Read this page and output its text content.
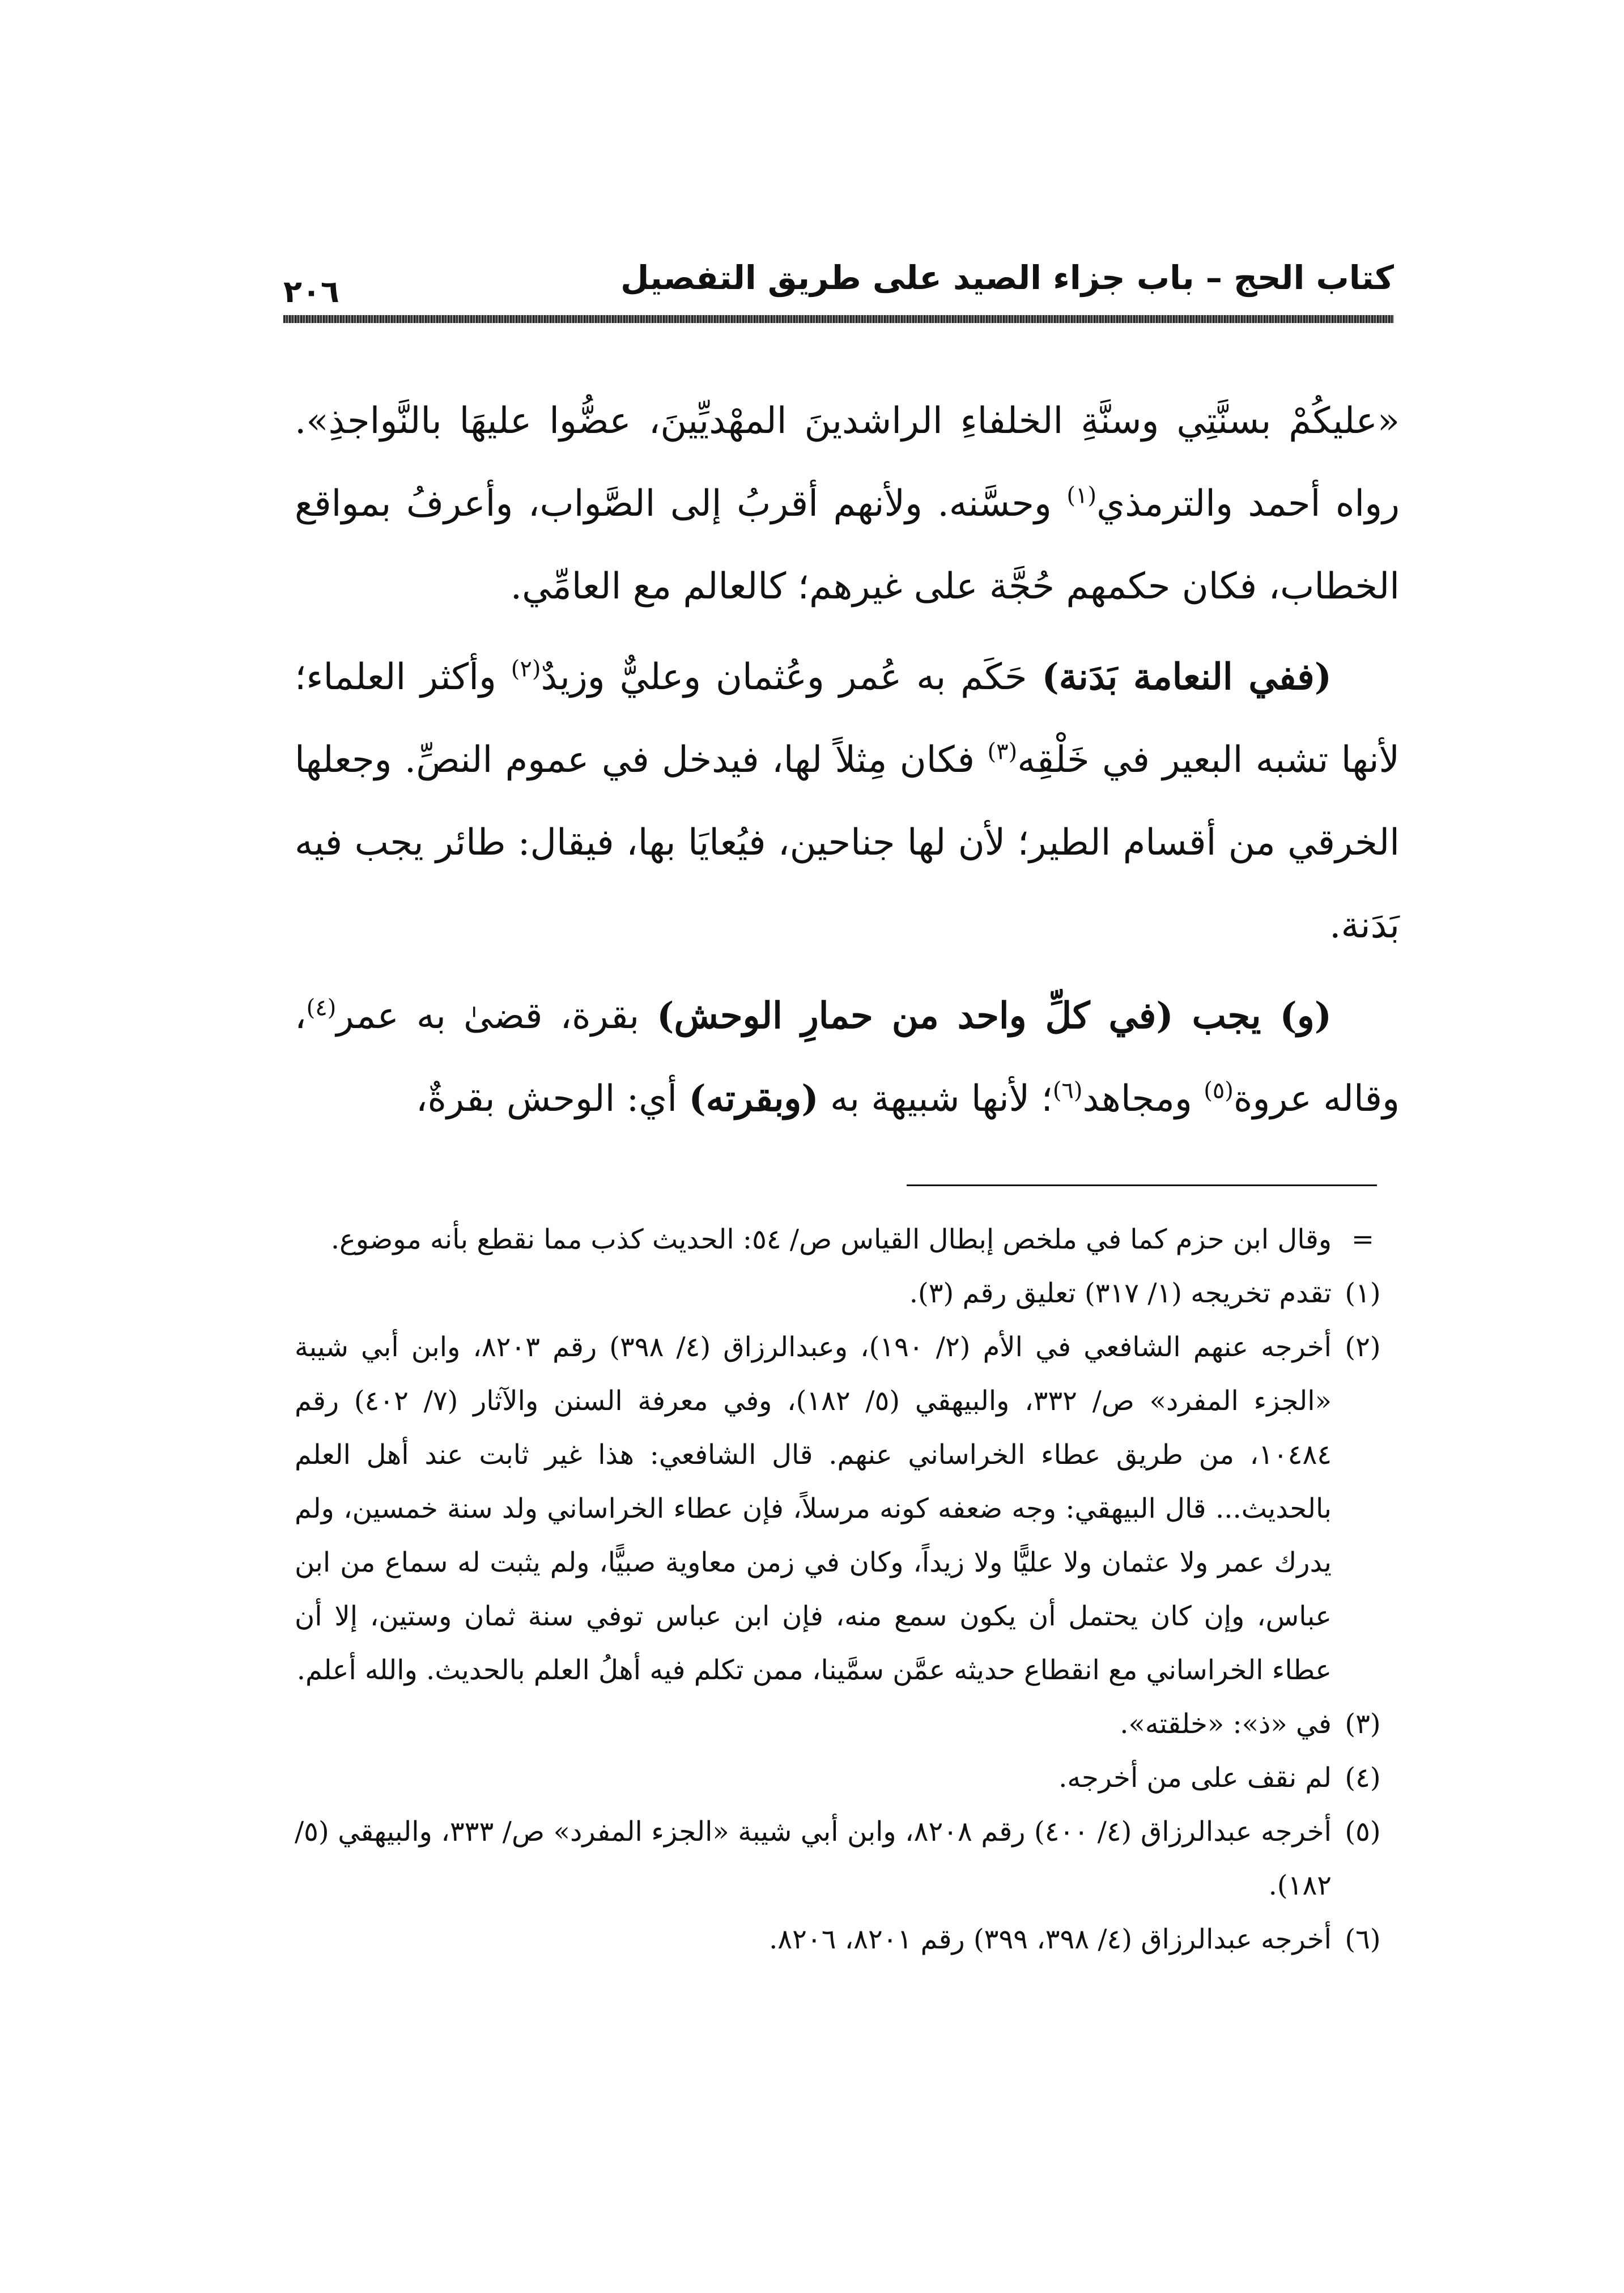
كتاب الحج – باب جزاء الصيد على طريق التفصيل
٢٠٦

«عليكُمْ بسنَّتِي وسنَّةِ الخلفاءِ الراشدينَ المهْديِّينَ، عضُّوا عليهَا بالنَّواجذِ». رواه أحمد والترمذي$^{(١)}$ وحسَّنه. ولأنهم أقربُ إلى الصَّواب، وأعرفُ بمواقع الخطاب، فكان حكمهم حُجَّة على غيرهم؛ كالعالم مع العامِّي.

(ففي النعامة بَدَنة) حَكَم به عُمر وعُثمان وعليٌّ وزيدٌ$^{(٢)}$ وأكثر العلماء؛ لأنها تشبه البعير في خَلْقِه$^{(٣)}$ فكان مِثلاً لها، فيدخل في عموم النصِّ. وجعلها الخرقي من أقسام الطير؛ لأن لها جناحين، فيُعايَا بها، فيقال: طائر يجب فيه بَدَنة.

(و) يجب (في كلِّ واحد من حمارِ الوحش) بقرة، قضىٰ به عمر$^{(٤)}$، وقاله عروة$^{(٥)}$ ومجاهد$^{(٦)}$؛ لأنها شبيهة به (وبقرته) أي: الوحش بقرةٌ،

=
وقال ابن حزم كما في ملخص إبطال القياس ص/ ٥٤: الحديث كذب مما نقطع بأنه موضوع.

(١)
تقدم تخريجه (١/ ٣١٧) تعليق رقم (٣).

(٢)
أخرجه عنهم الشافعي في الأم (٢/ ١٩٠)، وعبدالرزاق (٤/ ٣٩٨) رقم ٨٢٠٣، وابن أبي شيبة «الجزء المفرد» ص/ ٣٣٢، والبيهقي (٥/ ١٨٢)، وفي معرفة السنن والآثار (٧/ ٤٠٢) رقم ١٠٤٨٤، من طريق عطاء الخراساني عنهم. قال الشافعي: هذا غير ثابت عند أهل العلم بالحديث... قال البيهقي: وجه ضعفه كونه مرسلاً، فإن عطاء الخراساني ولد سنة خمسين، ولم يدرك عمر ولا عثمان ولا عليًّا ولا زيداً، وكان في زمن معاوية صبيًّا، ولم يثبت له سماع من ابن عباس، وإن كان يحتمل أن يكون سمع منه، فإن ابن عباس توفي سنة ثمان وستين، إلا أن عطاء الخراساني مع انقطاع حديثه عمَّن سمَّينا، ممن تكلم فيه أهلُ العلم بالحديث. والله أعلم.

(٣)
في «ذ»: «خلقته».

(٤)
لم نقف على من أخرجه.

(٥)
أخرجه عبدالرزاق (٤/ ٤٠٠) رقم ٨٢٠٨، وابن أبي شيبة «الجزء المفرد» ص/ ٣٣٣، والبيهقي (٥/ ١٨٢).

(٦)
أخرجه عبدالرزاق (٤/ ٣٩٨، ٣٩٩) رقم ٨٢٠١، ٨٢٠٦.
